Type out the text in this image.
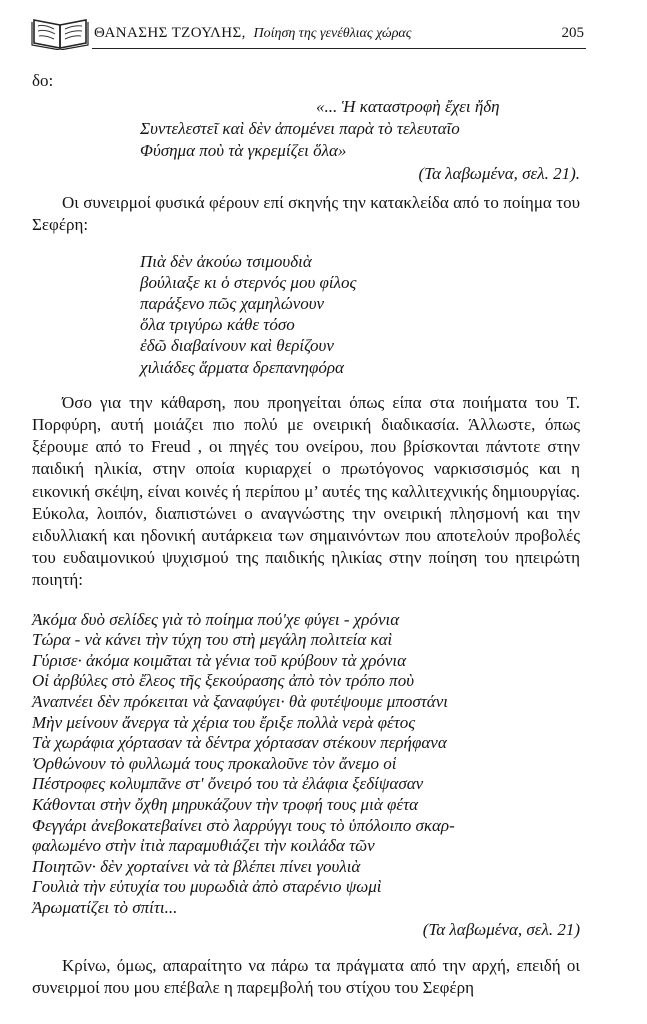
ΘΑΝΑΣΗΣ ΤΖΟΥΛΗΣ, Ποίηση της γενέθλιας χώρας	205

δο:

«... Ἡ καταστροφὴ ἔχει ἤδη
Συντελεστεῖ καὶ δὲν ἀπομένει παρὰ τὸ τελευταῖο
Φύσημα ποὺ τὰ γκρεμίζει ὅλα»
(Τα λαβωμένα, σελ. 21).

Οι συνειρμοί φυσικά φέρουν επί σκηνής την κατακλείδα από το ποίημα του Σεφέρη:

Πιὰ δὲν ἀκούω τσιμουδιὰ
βούλιαξε κι ὁ στερνός μου φίλος
παράξενο πῶς χαμηλώνουν
ὅλα τριγύρω κάθε τόσο
ἐδῶ διαβαίνουν καὶ θερίζουν
χιλιάδες ἅρματα δρεπανηφόρα

Όσο για την κάθαρση, που προηγείται όπως είπα στα ποιήματα του Τ. Πορφύρη, αυτή μοιάζει πιο πολύ με ονειρική διαδικασία. Άλλωστε, όπως ξέρουμε από το Freud , οι πηγές του ονείρου, που βρίσκονται πάντοτε στην παιδική ηλικία, στην οποία κυριαρχεί ο πρωτόγονος ναρκισσισμός και η εικονική σκέψη, είναι κοινές ή περίπου μ’ αυτές της καλλιτεχνικής δημιουργίας. Εύκολα, λοιπόν, διαπιστώνει ο αναγνώστης την ονειρική πλησμονή και την ειδυλλιακή και ηδονική αυτάρκεια των σημαινόντων που αποτελούν προβολές του ευδαιμονικού ψυχισμού της παιδικής ηλικίας στην ποίηση του ηπειρώτη ποιητή:

Ἀκόμα δυὸ σελίδες γιὰ τὸ ποίημα πού'χε φύγει - χρόνια
Τώρα - νὰ κάνει τὴν τύχη του στὴ μεγάλη πολιτεία καὶ
Γύρισε· ἀκόμα κοιμᾶται τὰ γένια τοῦ κρύβουν τὰ χρόνια
Οἱ ἀρβύλες στὸ ἔλεος τῆς ξεκούρασης ἀπὸ τὸν τρόπο ποὺ
Ἀναπνέει δὲν πρόκειται νὰ ξαναφύγει· θὰ φυτέψουμε μποστάνι
Μὴν μείνουν ἄνεργα τὰ χέρια του ἔριξε πολλὰ νερὰ φέτος
Τὰ χωράφια χόρτασαν τὰ δέντρα χόρτασαν στέκουν περήφανα
Ὀρθώνουν τὸ φυλλωμά τους προκαλοῦνε τὸν ἄνεμο οἱ
Πέστροφες κολυμπᾶνε στ' ὄνειρό του τὰ ἐλάφια ξεδίψασαν
Κάθονται στὴν ὄχθη μηρυκάζουν τὴν τροφή τους μιὰ φέτα
Φεγγάρι ἀνεβοκατεβαίνει στὸ λαρρύγγι τους τὸ ὑπόλοιπο σκαρ-
φαλωμένο στὴν ἰτιὰ παραμυθιάζει τὴν κοιλάδα τῶν
Ποιητῶν· δὲν χορταίνει νὰ τὰ βλέπει πίνει γουλιὰ
Γουλιὰ τὴν εὐτυχία του μυρωδιὰ ἀπὸ σταρένιο ψωμὶ
Ἀρωματίζει τὸ σπίτι...
(Τα λαβωμένα, σελ. 21)

Κρίνω, όμως, απαραίτητο να πάρω τα πράγματα από την αρχή, επειδή οι συνειρμοί που μου επέβαλε η παρεμβολή του στίχου του Σεφέρη
